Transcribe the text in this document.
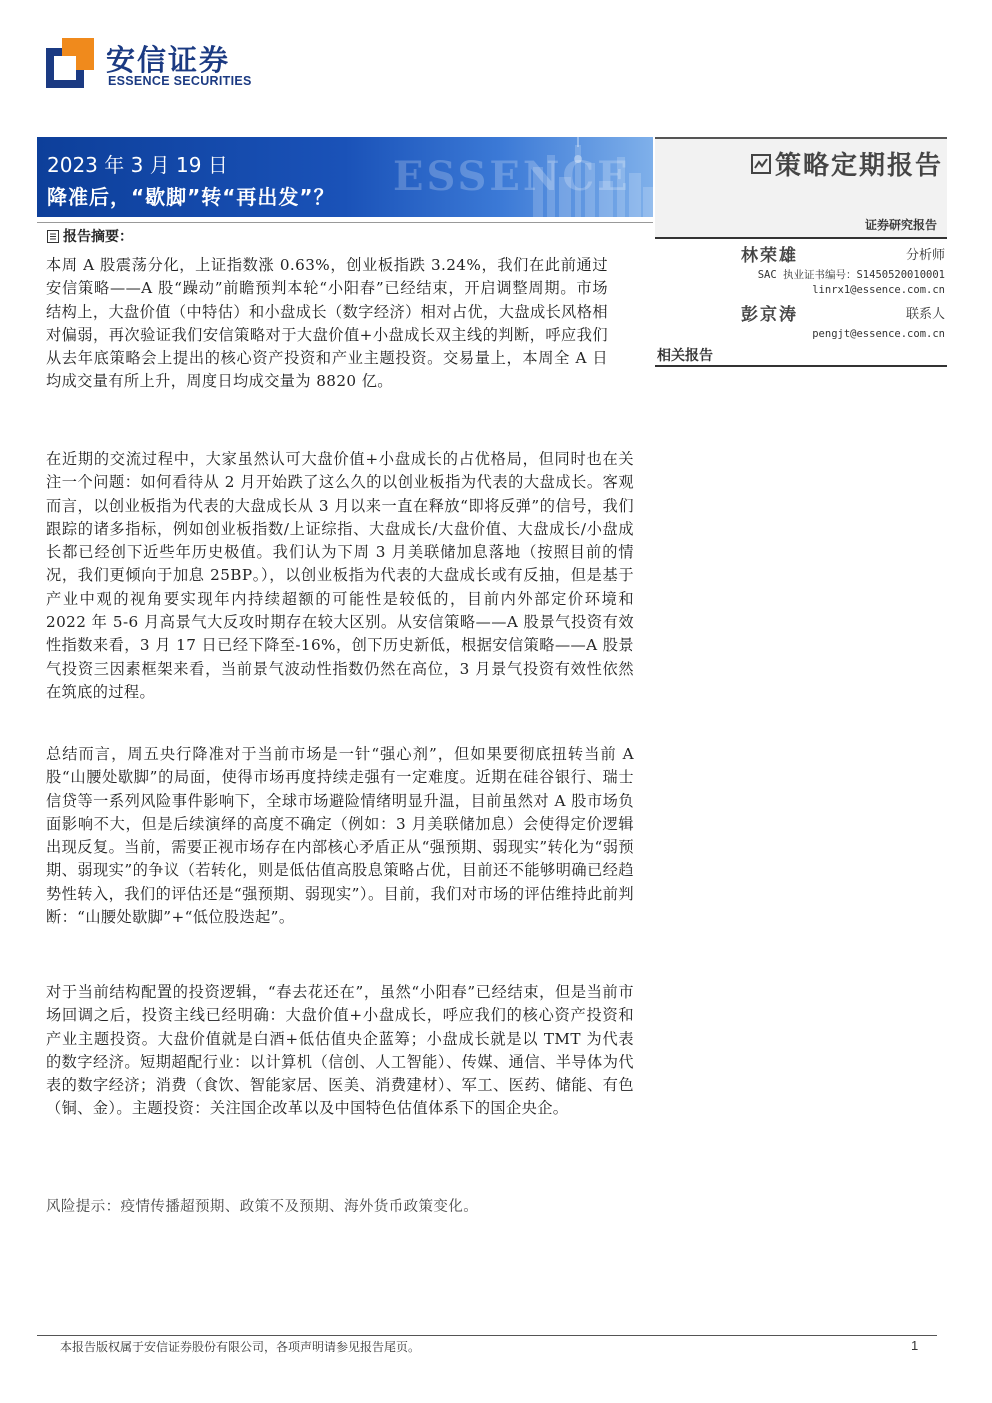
安信证券
ESSENCE SECURITIES
ESSENCE
2023 年 3 月 19 日
降准后，“歇脚”转“再出发”？
策略定期报告
证券研究报告
林荣雄	分析师
SAC 执业证书编号：S1450520010001
linrx1@essence.com.cn
彭京涛	联系人
pengjt@essence.com.cn
相关报告
报告摘要：
本周 A 股震荡分化，上证指数涨 0.63%，创业板指跌 3.24%，我们在此前通过安信策略——A 股“躁动”前瞻预判本轮“小阳春”已经结束，开启调整周期。市场结构上，大盘价值（中特估）和小盘成长（数字经济）相对占优，大盘成长风格相对偏弱，再次验证我们安信策略对于大盘价值+小盘成长双主线的判断，呼应我们从去年底策略会上提出的核心资产投资和产业主题投资。交易量上，本周全 A 日均成交量有所上升，周度日均成交量为 8820 亿。
在近期的交流过程中，大家虽然认可大盘价值+小盘成长的占优格局，但同时也在关注一个问题：如何看待从 2 月开始跌了这么久的以创业板指为代表的大盘成长。客观而言，以创业板指为代表的大盘成长从 3 月以来一直在释放“即将反弹”的信号，我们跟踪的诸多指标，例如创业板指数/上证综指、大盘成长/大盘价值、大盘成长/小盘成长都已经创下近些年历史极值。我们认为下周 3 月美联储加息落地（按照目前的情况，我们更倾向于加息 25BP。），以创业板指为代表的大盘成长或有反抽，但是基于产业中观的视角要实现年内持续超额的可能性是较低的，目前内外部定价环境和 2022 年 5-6 月高景气大反攻时期存在较大区别。从安信策略——A 股景气投资有效性指数来看，3 月 17 日已经下降至-16%，创下历史新低，根据安信策略——A 股景气投资三因素框架来看，当前景气波动性指数仍然在高位，3 月景气投资有效性依然在筑底的过程。
总结而言，周五央行降准对于当前市场是一针“强心剂”，但如果要彻底扭转当前 A 股“山腰处歇脚”的局面，使得市场再度持续走强有一定难度。近期在硅谷银行、瑞士信贷等一系列风险事件影响下，全球市场避险情绪明显升温，目前虽然对 A 股市场负面影响不大，但是后续演绎的高度不确定（例如：3 月美联储加息）会使得定价逻辑出现反复。当前，需要正视市场存在内部核心矛盾正从“强预期、弱现实”转化为“弱预期、弱现实”的争议（若转化，则是低估值高股息策略占优，目前还不能够明确已经趋势性转入，我们的评估还是“强预期、弱现实”）。目前，我们对市场的评估维持此前判断：“山腰处歇脚”+“低位股迭起”。
对于当前结构配置的投资逻辑，“春去花还在”，虽然“小阳春”已经结束，但是当前市场回调之后，投资主线已经明确：大盘价值+小盘成长，呼应我们的核心资产投资和产业主题投资。大盘价值就是白酒+低估值央企蓝筹；小盘成长就是以 TMT 为代表的数字经济。短期超配行业：以计算机（信创、人工智能）、传媒、通信、半导体为代表的数字经济；消费（食饮、智能家居、医美、消费建材）、军工、医药、储能、有色（铜、金）。主题投资：关注国企改革以及中国特色估值体系下的国企央企。
风险提示：疫情传播超预期、政策不及预期、海外货币政策变化。
本报告版权属于安信证券股份有限公司，各项声明请参见报告尾页。	1
